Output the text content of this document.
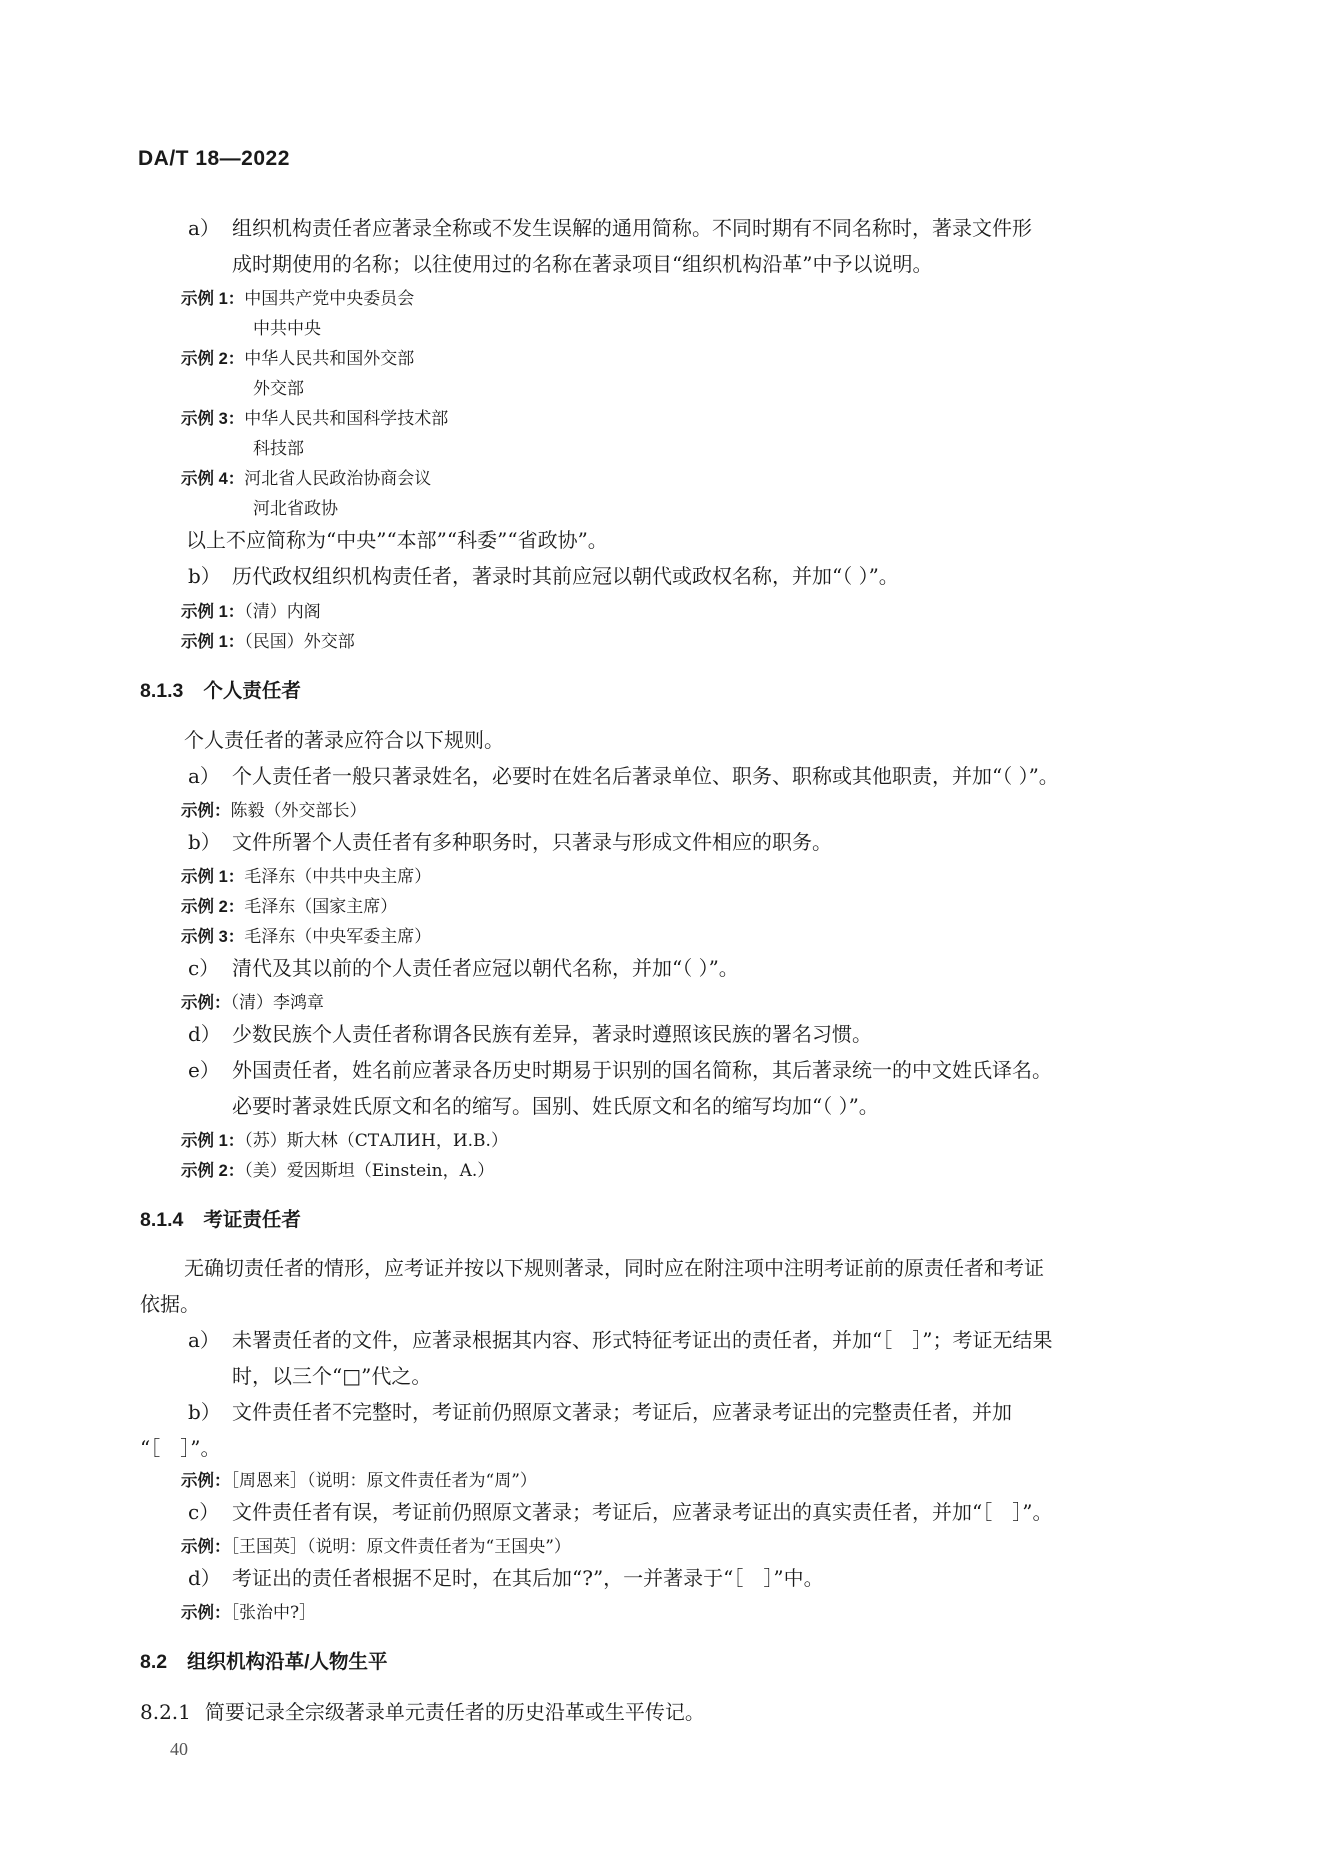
DA/T 18—2022
a） 组织机构责任者应著录全称或不发生误解的通用简称。不同时期有不同名称时，著录文件形
成时期使用的名称；以往使用过的名称在著录项目“组织机构沿革”中予以说明。
示例 1：中国共产党中央委员会
中共中央
示例 2：中华人民共和国外交部
外交部
示例 3：中华人民共和国科学技术部
科技部
示例 4：河北省人民政治协商会议
河北省政协
以上不应简称为“中央”“本部”“科委”“省政协”。
b） 历代政权组织机构责任者，著录时其前应冠以朝代或政权名称，并加“（ ）”。
示例 1：（清）内阁
示例 1：（民国）外交部
8.1.3 个人责任者
个人责任者的著录应符合以下规则。
a） 个人责任者一般只著录姓名，必要时在姓名后著录单位、职务、职称或其他职责，并加“（ ）”。
示例：陈毅（外交部长）
b） 文件所署个人责任者有多种职务时，只著录与形成文件相应的职务。
示例 1：毛泽东（中共中央主席）
示例 2：毛泽东（国家主席）
示例 3：毛泽东（中央军委主席）
c） 清代及其以前的个人责任者应冠以朝代名称，并加“（ ）”。
示例：（清）李鸿章
d） 少数民族个人责任者称谓各民族有差异，著录时遵照该民族的署名习惯。
e） 外国责任者，姓名前应著录各历史时期易于识别的国名简称，其后著录统一的中文姓氏译名。
必要时著录姓氏原文和名的缩写。国别、姓氏原文和名的缩写均加“（ ）”。
示例 1：（苏）斯大林（СТАЛИН，И.В.）
示例 2：（美）爱因斯坦（Einstein，A.）
8.1.4 考证责任者
无确切责任者的情形，应考证并按以下规则著录，同时应在附注项中注明考证前的原责任者和考证
依据。
a） 未署责任者的文件，应著录根据其内容、形式特征考证出的责任者，并加“［　］”；考证无结果
时，以三个“□”代之。
b） 文件责任者不完整时，考证前仍照原文著录；考证后，应著录考证出的完整责任者，并加
“［　］”。
示例：［周恩来］（说明：原文件责任者为“周”）
c） 文件责任者有误，考证前仍照原文著录；考证后，应著录考证出的真实责任者，并加“［　］”。
示例：［王国英］（说明：原文件责任者为“王国央”）
d） 考证出的责任者根据不足时，在其后加“?”，一并著录于“［　］”中。
示例：［张治中?］
8.2 组织机构沿革/人物生平
8.2.1 简要记录全宗级著录单元责任者的历史沿革或生平传记。
40
